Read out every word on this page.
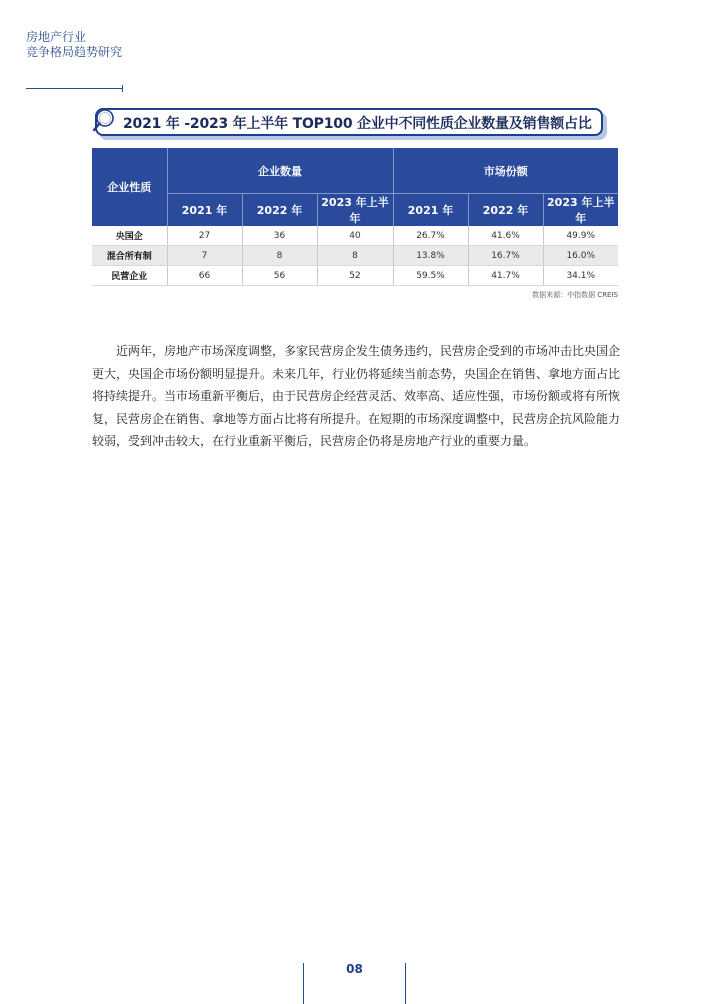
房地产行业
竞争格局趋势研究
2021 年 -2023 年上半年 TOP100 企业中不同性质企业数量及销售额占比
企业性质	企业数量			市场份额		
	2021 年	2022 年	2023 年上半年	2021 年	2022 年	2023 年上半年
央国企	27	36	40	26.7%	41.6%	49.9%
混合所有制	7	8	8	13.8%	16.7%	16.0%
民营企业	66	56	52	59.5%	41.7%	34.1%
数据来源：中指数据 CREIS

近两年，房地产市场深度调整，多家民营房企发生债务违约，民营房企受到的市场冲击比央国企更大，央国企市场份额明显提升。未来几年，行业仍将延续当前态势，央国企在销售、拿地方面占比将持续提升。当市场重新平衡后，由于民营房企经营灵活、效率高、适应性强，市场份额或将有所恢复，民营房企在销售、拿地等方面占比将有所提升。在短期的市场深度调整中，民营房企抗风险能力较弱，受到冲击较大，在行业重新平衡后，民营房企仍将是房地产行业的重要力量。

08
